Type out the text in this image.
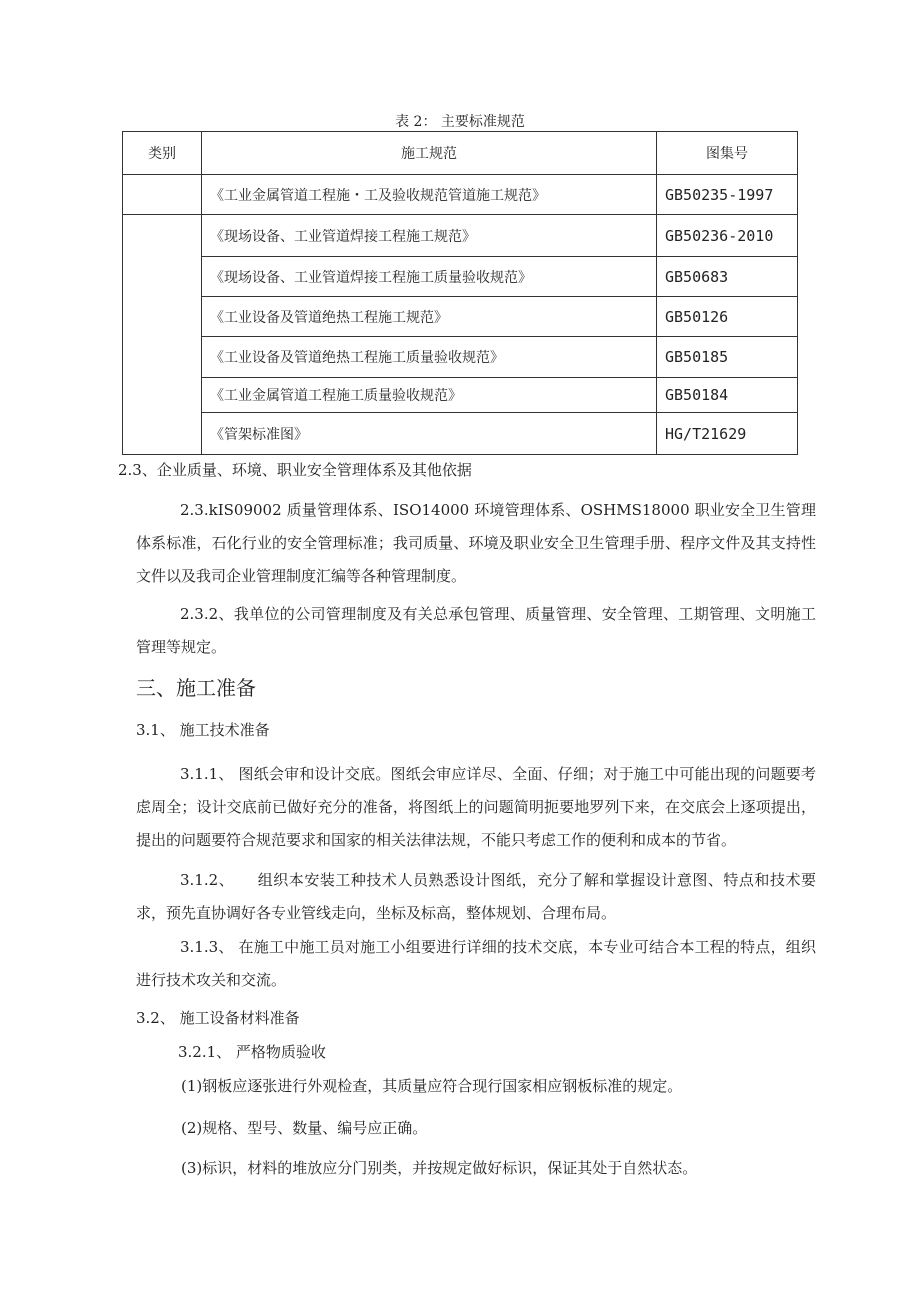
表 2： 主要标准规范
类别	施工规范	图集号
	《工业金属管道工程施・工及验收规范管道施工规范》	GB50235-1997
	《现场设备、工业管道焊接工程施工规范》	GB50236-2010
	《现场设备、工业管道焊接工程施工质量验收规范》	GB50683
	《工业设备及管道绝热工程施工规范》	GB50126
	《工业设备及管道绝热工程施工质量验收规范》	GB50185
	《工业金属管道工程施工质量验收规范》	GB50184
	《管架标准图》	HG/T21629
2.3、企业质量、环境、职业安全管理体系及其他依据
2.3.kIS09002 质量管理体系、ISO14000 环境管理体系、OSHMS18000 职业安全卫生管理体系标准，石化行业的安全管理标准；我司质量、环境及职业安全卫生管理手册、程序文件及其支持性文件以及我司企业管理制度汇编等各种管理制度。
2.3.2、我单位的公司管理制度及有关总承包管理、质量管理、安全管理、工期管理、文明施工管理等规定。
三、施工准备
3.1、 施工技术准备
3.1.1、 图纸会审和设计交底。图纸会审应详尽、全面、仔细；对于施工中可能出现的问题要考虑周全；设计交底前已做好充分的准备，将图纸上的问题简明扼要地罗列下来，在交底会上逐项提出，提出的问题要符合规范要求和国家的相关法律法规，不能只考虑工作的便利和成本的节省。
3.1.2、　　组织本安装工种技术人员熟悉设计图纸，充分了解和掌握设计意图、特点和技术要求，预先直协调好各专业管线走向，坐标及标高，整体规划、合理布局。
3.1.3、 在施工中施工员对施工小组要进行详细的技术交底，本专业可结合本工程的特点，组织进行技术攻关和交流。
3.2、 施工设备材料准备
3.2.1、 严格物质验收
(1)钢板应逐张进行外观检查，其质量应符合现行国家相应钢板标准的规定。
(2)规格、型号、数量、编号应正确。
(3)标识，材料的堆放应分门别类，并按规定做好标识，保证其处于自然状态。
